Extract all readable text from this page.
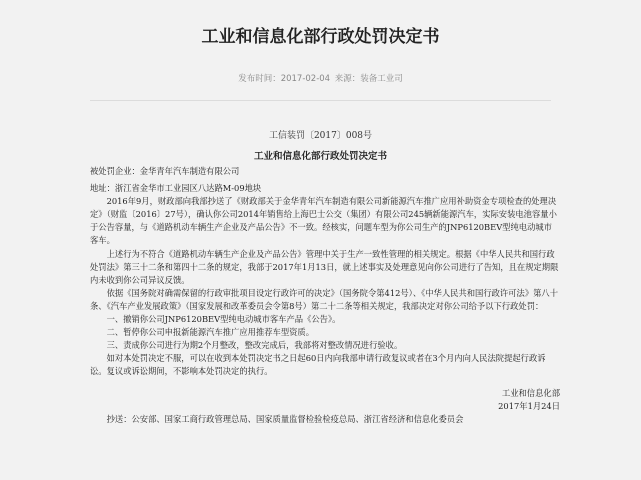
工业和信息化部行政处罚决定书
发布时间：2017-02-04 来源：装备工业司
工信装罚〔2017〕008号
工业和信息化部行政处罚决定书

被处罚企业：金华青年汽车制造有限公司

地址：浙江省金华市工业园区八达路M-09地块

2016年9月，财政部向我部抄送了《财政部关于金华青年汽车制造有限公司新能源汽车推广应用补助资金专项检查的处理决定》（财监〔2016〕27号），确认你公司2014年销售给上海巴士公交（集团）有限公司245辆新能源汽车，实际安装电池容量小于公告容量，与《道路机动车辆生产企业及产品公告》不一致。经核实，问题车型为你公司生产的JNP6120BEV型纯电动城市客车。

上述行为不符合《道路机动车辆生产企业及产品公告》管理中关于生产一致性管理的相关规定。根据《中华人民共和国行政处罚法》第三十二条和第四十二条的规定，我部于2017年1月13日，就上述事实及处理意见向你公司进行了告知，且在规定期限内未收到你公司异议反馈。

依据《国务院对确需保留的行政审批项目设定行政许可的决定》（国务院令第412号）、《中华人民共和国行政许可法》第八十条、《汽车产业发展政策》（国家发展和改革委员会令第8号）第二十二条等相关规定，我部决定对你公司给予以下行政处罚：

一、撤销你公司JNP6120BEV型纯电动城市客车产品《公告》。

二、暂停你公司申报新能源汽车推广应用推荐车型资质。

三、责成你公司进行为期2个月整改，整改完成后，我部将对整改情况进行验收。

如对本处罚决定不服，可以在收到本处罚决定书之日起60日内向我部申请行政复议或者在3个月内向人民法院提起行政诉讼。复议或诉讼期间，不影响本处罚决定的执行。

工业和信息化部

2017年1月24日

抄送：公安部、国家工商行政管理总局、国家质量监督检验检疫总局、浙江省经济和信息化委员会
